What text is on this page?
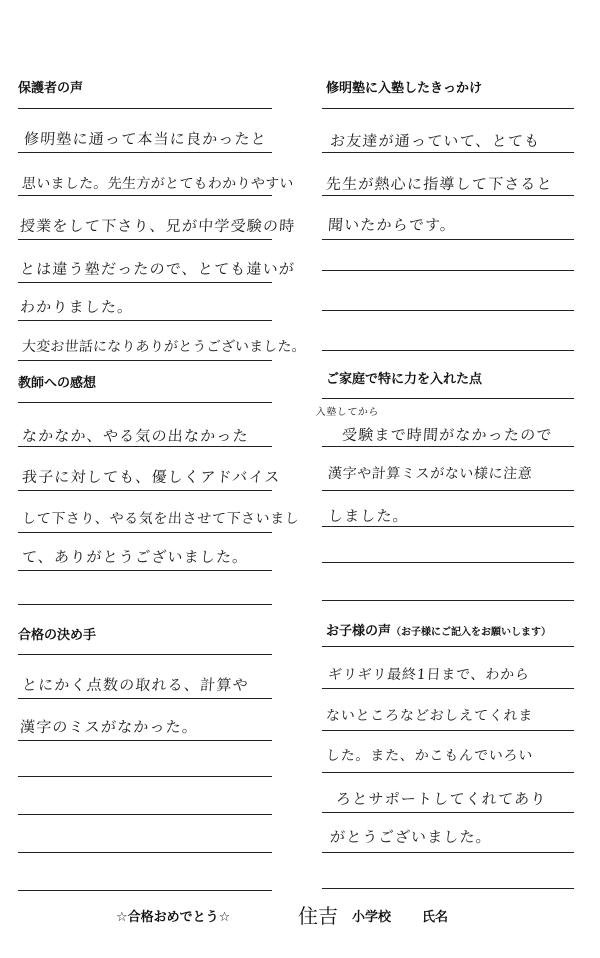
保護者の声
修明塾に通って本当に良かったと
思いました。先生方がとてもわかりやすい
授業をして下さり、兄が中学受験の時
とは違う塾だったので、とても違いが
わかりました。
大変お世話になりありがとうございました。
教師への感想
なかなか、やる気の出なかった
我子に対しても、優しくアドバイス
して下さり、やる気を出させて下さいまし
て、ありがとうございました。
合格の決め手
とにかく点数の取れる、計算や
漢字のミスがなかった。
修明塾に入塾したきっかけ
お友達が通っていて、とても
先生が熱心に指導して下さると
聞いたからです。
ご家庭で特に力を入れた点
入塾してから
受験まで時間がなかったので
漢字や計算ミスがない様に注意
しました。
お子様の声（お子様にご記入をお願いします）
ギリギリ最終1日まで、わから
ないところなどおしえてくれま
した。また、かこもんでいろい
ろとサポートしてくれてあり
がとうございました。
☆合格おめでとう☆	住吉 小学校 氏名
